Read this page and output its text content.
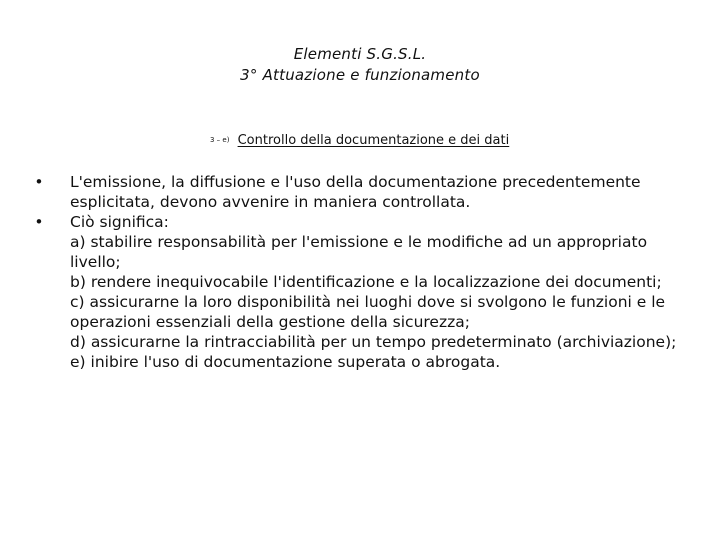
Elementi S.G.S.L.
3° Attuazione e funzionamento
3 – e) Controllo della documentazione e dei dati
• L'emissione, la diffusione e l'uso della documentazione precedentemente esplicitata, devono avvenire in maniera controllata.
• Ciò significa:
a) stabilire responsabilità per l'emissione e le modifiche ad un appropriato livello;
b) rendere inequivocabile l'identificazione e la localizzazione dei documenti;
c) assicurarne la loro disponibilità nei luoghi dove si svolgono le funzioni e le operazioni essenziali della gestione della sicurezza;
d) assicurarne la rintracciabilità per un tempo predeterminato (archiviazione);
e) inibire l'uso di documentazione superata o abrogata.
